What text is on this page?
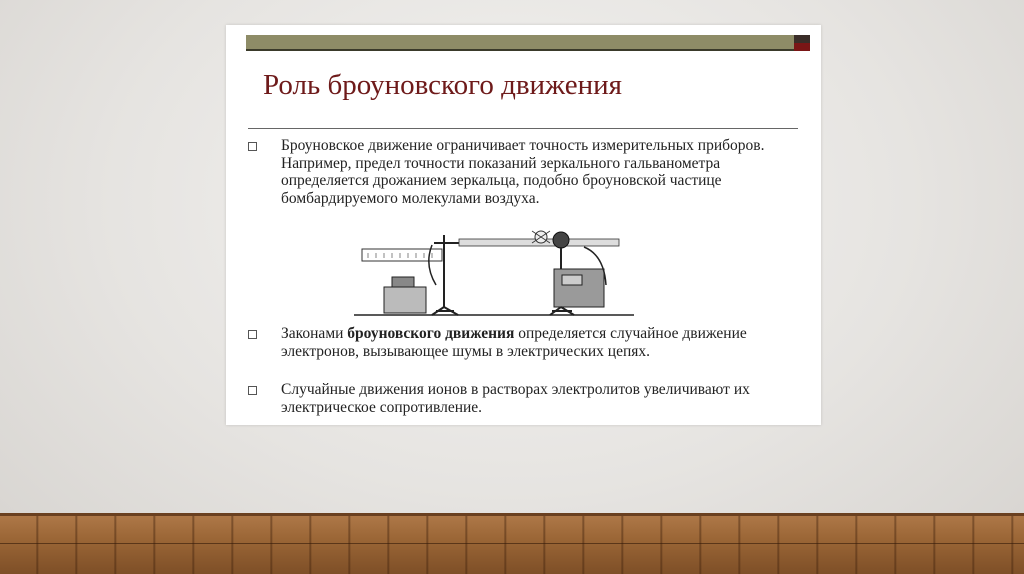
Роль броуновского движения
Броуновское движение ограничивает точность измерительных приборов. Например, предел точности показаний зеркального гальванометра определяется дрожанием зеркальца, подобно броуновской частице бомбардируемого молекулами воздуха.
Законами броуновского движения определяется случайное движение электронов, вызывающее шумы в электрических цепях.
Случайные движения ионов в растворах электролитов увеличивают их электрическое сопротивление.
